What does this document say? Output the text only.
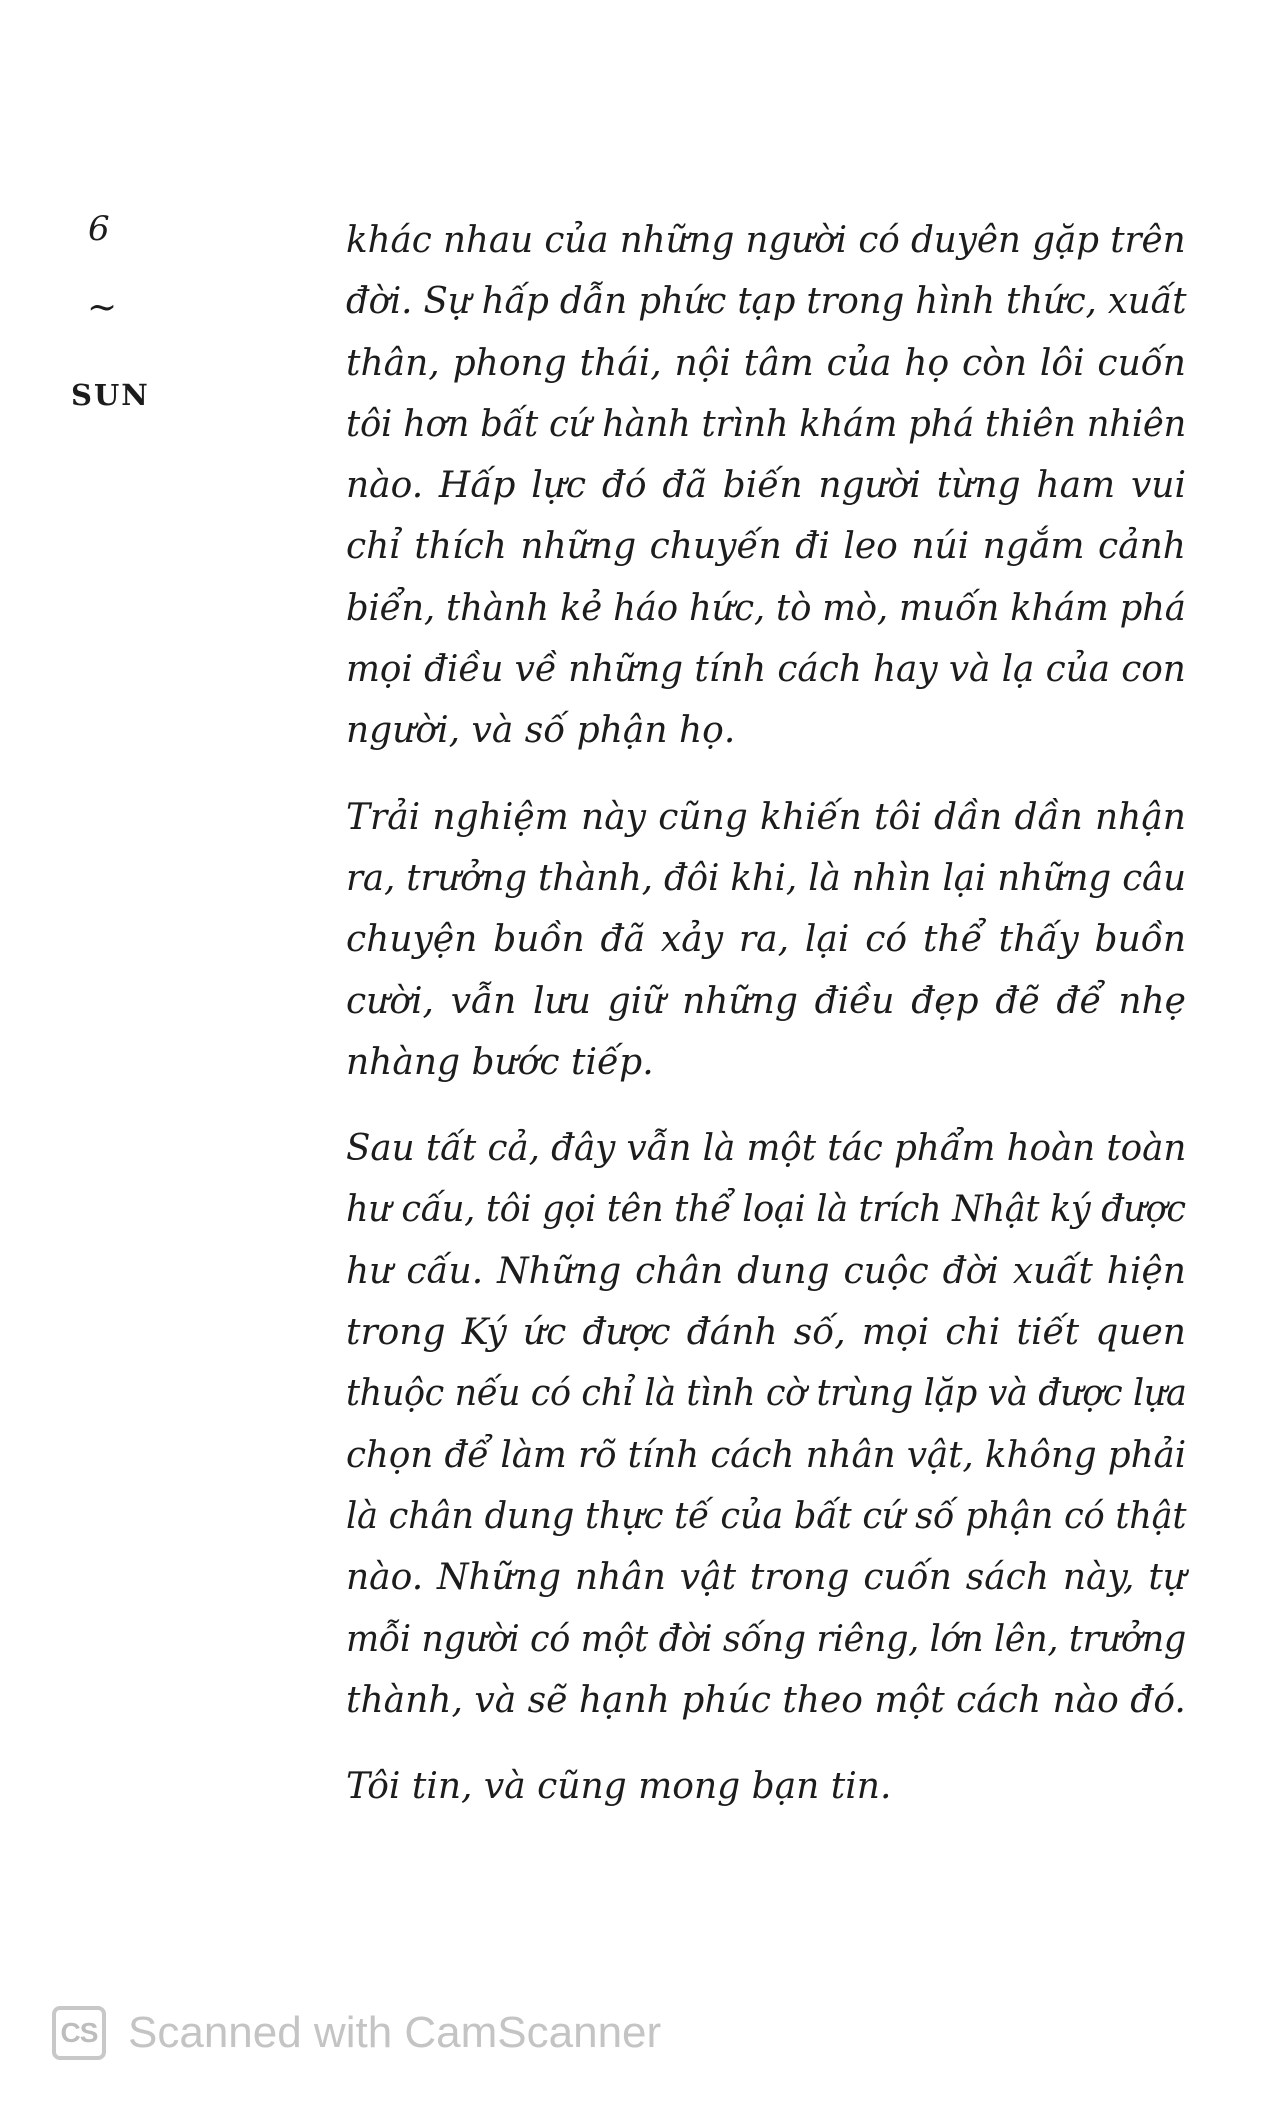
6
~
SUN

khác nhau của những người có duyên gặp trên
đời. Sự hấp dẫn phức tạp trong hình thức, xuất
thân, phong thái, nội tâm của họ còn lôi cuốn
tôi hơn bất cứ hành trình khám phá thiên nhiên
nào. Hấp lực đó đã biến người từng ham vui
chỉ thích những chuyến đi leo núi ngắm cảnh
biển, thành kẻ háo hức, tò mò, muốn khám phá
mọi điều về những tính cách hay và lạ của con
người, và số phận họ.

Trải nghiệm này cũng khiến tôi dần dần nhận
ra, trưởng thành, đôi khi, là nhìn lại những câu
chuyện buồn đã xảy ra, lại có thể thấy buồn
cười, vẫn lưu giữ những điều đẹp đẽ để nhẹ
nhàng bước tiếp.

Sau tất cả, đây vẫn là một tác phẩm hoàn toàn
hư cấu, tôi gọi tên thể loại là trích Nhật ký được
hư cấu. Những chân dung cuộc đời xuất hiện
trong Ký ức được đánh số, mọi chi tiết quen
thuộc nếu có chỉ là tình cờ trùng lặp và được lựa
chọn để làm rõ tính cách nhân vật, không phải
là chân dung thực tế của bất cứ số phận có thật
nào. Những nhân vật trong cuốn sách này, tự
mỗi người có một đời sống riêng, lớn lên, trưởng
thành, và sẽ hạnh phúc theo một cách nào đó.

Tôi tin, và cũng mong bạn tin.

CS Scanned with CamScanner
